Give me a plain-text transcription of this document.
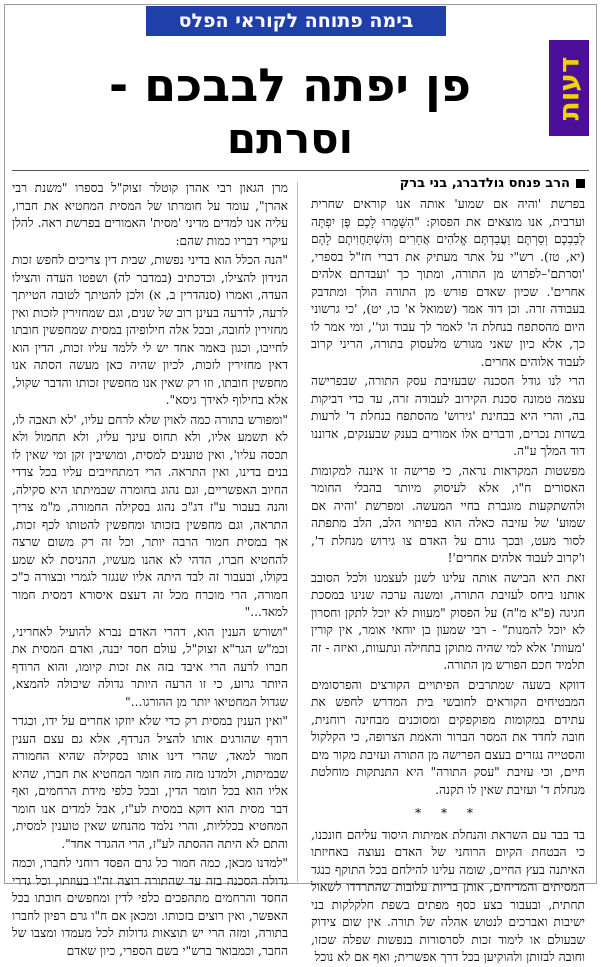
בימה פתוחה לקוראי הפלס
דעות
פן יפתה לבבכם -
וסרתם
הרב פנחס גולדברג, בני ברק

בפרשת 'והיה אם שמוע' אותה אנו קוראים שחרית וערבית, אנו מוצאים את הפסוק: "הִשָּׁמְרוּ לָכֶם פֶּן יִפְתֶּה לְבַבְכֶם וְסַרְתֶּם וַעֲבַדְתֶּם אֱלֹהִים אֲחֵרִים וְהִשְׁתַּחֲוִיתֶם לָהֶם (יא, טז). רש"י על אתר מעתיק את דברי חז"ל בספרי, 'וסרתם'–לפרוש מן התורה, ומתוך כך 'ועבדתם אלהים אחרים'. שכיון שאדם פורש מן התורה הולך ומתדבק בעבודה זרה. וכן דוד אמר (שמואל א' כו, יט), 'כי גרשוני היום מהסתפח בנחלת ה' לאמר לך עבוד וגו'', ומי אמר לו כך, אלא כיון שאני מגורש מלעסוק בתורה, הריני קרוב לעבוד אלוהים אחרים.

הרי לנו גודל הסכנה שבעזיבת עסק התורה, שבפרישה עצמה טמונה סכנת הקירוב לעבודה זרה, עד כדי דביקות בה, והרי היא בבחינת 'גירוש' מהסתפח בנחלת ד' לרעות בשדות נכרים, ודברים אלו אמורים בענק שבענקים, אדוננו דוד המלך ע"ה.

מפשטות המקראות נראה, כי פרישה זו איננה למקומות האסורים ח"ו, אלא לעיסוק מיותר בהבלי החומר ולהשתקעות מוגברת בחיי המעשה. ומפרשת 'והיה אם שמוע' של עזיבה כאלה הוא בפיתוי הלב, הלב מתפתה לסור מעט, ובכך גורם על האדם צו גירוש מנחלת ד', ו'קרוב לעבוד אלהים אחרים'!

זאת היא הבישה אותה עלינו לשנן לעצמנו ולכל הסובב אותנו ביחס לעזיבת התורה, ומשנה ערכה שנינו במסכת חגיגה (פ"א מ"ה) על הפסוק "מעוות לא יוכל לתקן וחסרון לא יוכל להמנות" - רבי שמעון בן יוחאי אומר, אין קורין 'מעוות' אלא למי שהיה מתוקן בתחילה ונתעוות, ואיזה - זה תלמיד חכם הפורש מן התורה.

דווקא בשעה שמתרבים הפיתויים הקורצים והפרסומים המבטיחים הקוראים לחובשי בית המדרש לחפש את עתידם במקומות מפוקפקים ומסוכנים מבחינה רוחנית, חובה לחדד את המסר הברור והאמת הצרופה, כי הקלקול והסטייה נגזרים בעצם הפרישה מן התורה ועזיבת מקור מים חיים, וכי עזיבת "עסק התורה" היא התנתקות מוחלטת מנחלת ד' ועזיבת שאין לו תקנה.

* * *

בד בבד עם השראת והנחלת אמיתות היסוד עליהם חונכנו, כי הבטחת הקיום הרוחני של האדם נעוצה באחיזתו האיתנה בעץ החיים, שומה עלינו להילחם בכל התוקף כנגד המסיתים והמדיחים, אותן בריות עלובות שהתרדדו לשאול תחתית, ובעבור בצע כסף מפתים בשפת חלקלקות בני ישיבות ואברכים לנטוש אהלה של תורה. אין שום צידוק שבעולם או לימוד זכות לסרסורות בנפשות שפלה שכזו, וחובה לבזותן ולהוקיען בכל דרך אפשרית; ואף אם לא נוכל

מרן הגאון רבי אהרן קוטלר זצוק"ל בספרו "משנת רבי אהרן", עומד על חומרתו של המסית המחטיא את חברו, עליה אנו למדים מדיני 'מסית' האמורים בפרשת ראה. להלן עיקרי דבריו כמות שהם:

"הנה הכלל הוא בדיני נפשות, שבית דין צריכים לחפש זכות הנידון להצילו, וכדכתיב (במדבר לה) ושפטו העדה והצילו העדה, ואמרו (סנהדרין ב, א) ולכן להטיתך לטובה הטייתך לרעה, לדרעה בעינן רוב של שנים, וגם שמחזירין לזכות ואין מחזירין לחובה, ובכל אלה חילופיהן במסית שמחפשין חובתו לחייבו, וכגון באמר אחד יש לי ללמד עליו זכות, הדין הוא דאין מחזירין לזכות, לכיון שהיה כאן מעשה הסתה אנו מחפשין חובתו, וזו רק שאין אנו מחפשין זכותו והדבר שקול, אלא בחילוף לאידך גיסא".

"ומפורש בתורה כמה לאוין שלא לרחם עליו, 'לא תאבה לו, לא תשמע אליו, ולא תחוס עינך עליו, ולא תחמול ולא תכסה עליו', ואין טוענים למסית, ומושיבין זקן ומי שאין לו בנים בדינו, ואין התראה. הרי דמתחייבים עליו בכל צדדי החיוב האפשריים, וגם נהוג בחומרה שבמיתתו היא סקילה, והנה בעבור ע"ז דג"כ נהוג בסקילה החמורה, מ"מ צריך התראה, וגם מחפשין בזכותו ומחפשין להטותו לכף זכות, אך במסית חמור הרבה יותר, וכל זה רק משום שרצה להחטיא חברו, הדהי לא אהנו מעשיו, ההניסת לא שמע בקולו, ובעבור זה לבד היתה אליו שנגזר לגמרי ובצורה כ"כ חמורה, הרי מוכרח מכל זה דעצם איסורא דמסית חמור למאד..."

"ושורש הענין הוא, דהרי האדם נברא להועיל לאחריני, וכמ"ש הגר"א זצוק"ל, עולם חסד יבנה, ואדם המסית את חברו לרעה הרי איבד בזה את זכות קיומו, והוא הרודף היותר גרוע, כי זו הרעה היותר גדולה שיכולה להמצא, שגדול המחטיאו יותר מן ההורגו..."

"ואין הענין במסית רק כדי שלא יוזקו אחרים על ידו, וכגדר רודף שהורגים אותו להציל הנרדף, אלא גם עצם הענין חמור למאד, שהרי דינו אותו בסקילה שהיא החמורה שבמיתות, ולמדנו מזה מזה חומר המחטיא את חברו, שהיא אליו הוא בכל חומר הדין, ובכל כלפי מידת הרחמים, ואף דבר מסית הוא דוקא במסית לע"ז, אבל למדים אנו חומר המחטיא בכלליות, והרי נלמד מהנחש שאין טוענין למסית, והתם לא היתה ההסתה לע"ז, הרי ההגדר אחד".

"למדנו מכאן, כמה חמור כל גרם הפסד רוחני לחברו, וכמה גדולה הסכנה בזה עד שהתורה רוצה זה"ו בעוזתו, וכל גדרי החסד והרחמים מתהפכים כלפי לדין ומחפשים חובתו בכל האפשר, ואין רוצים בזכותו. ומכאן אם ח"ו גרם רפיון לחברו בתורה, ומזה הרי יש תוצאות גדולות לכל מעמדו ומצבו של החבר, וכמבואר ברש"י בשם הספרי, כיון שאדם
